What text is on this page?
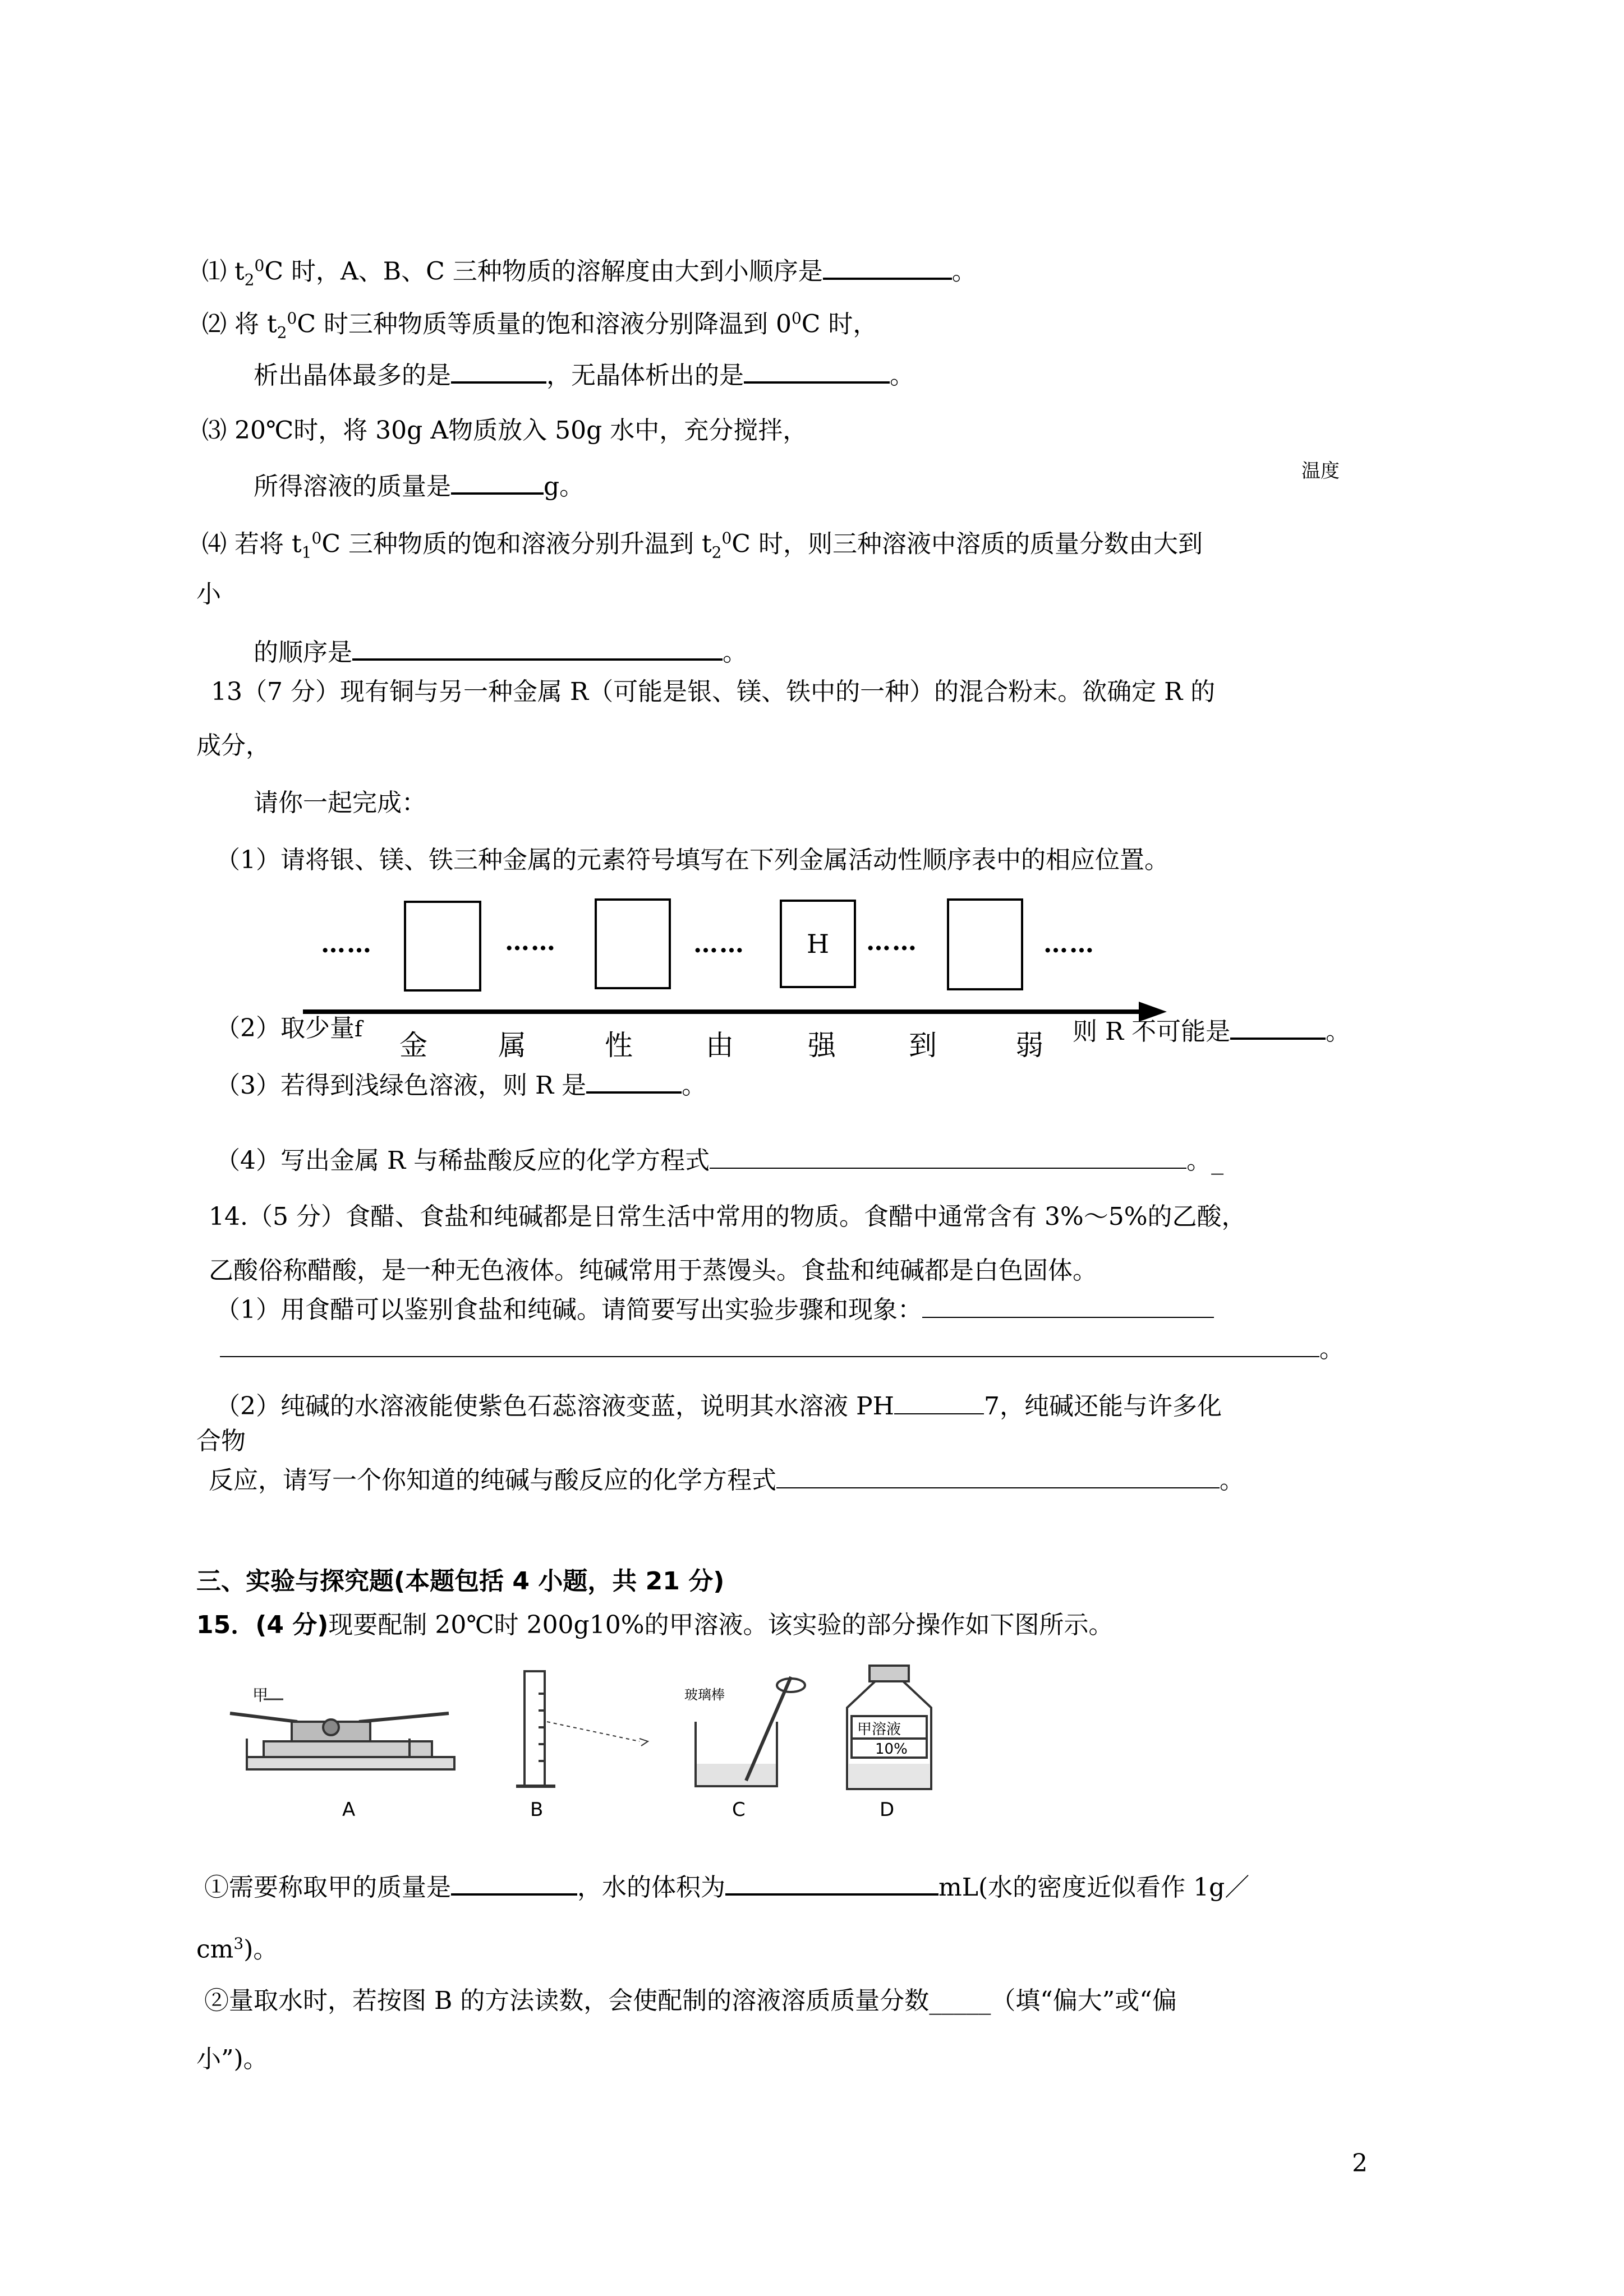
⑴ $t_2^0C$ 时，A、B、C 三种物质的溶解度由大到小顺序是	。
⑵ 将 $t_2^0C$ 时三种物质等质量的饱和溶液分别降温到 $0^0C$ 时，
析出晶体最多的是	，无晶体析出的是	。
⑶ 20℃时，将 30g A物质放入 50g 水中，充分搅拌，
所得溶液的质量是	g。
温度
⑷ 若将 $t_1^0C$ 三种物质的饱和溶液分别升温到 $t_2^0C$ 时，则三种溶液中溶质的质量分数由大到
小
的顺序是	。
13（7 分）现有铜与另一种金属 R（可能是银、镁、铁中的一种）的混合粉末。欲确定 R 的
成分，
请你一起完成：
（1）请将银、镁、铁三种金属的元素符号填写在下列金属活动性顺序表中的相应位置。
……	……	……	H	……	……
（2）取少量f	则 R 不可能是	。
金	属	性	由	强	到	弱
（3）若得到浅绿色溶液，则 R 是	。
（4）写出金属 R 与稀盐酸反应的化学方程式	。_
14.（5 分）食醋、食盐和纯碱都是日常生活中常用的物质。食醋中通常含有 3%～5%的乙酸，
乙酸俗称醋酸，是一种无色液体。纯碱常用于蒸馒头。食盐和纯碱都是白色固体。
（1）用食醋可以鉴别食盐和纯碱。请简要写出实验步骤和现象：
。
（2）纯碱的水溶液能使紫色石蕊溶液变蓝，说明其水溶液 PH	7，纯碱还能与许多化
合物
反应，请写一个你知道的纯碱与酸反应的化学方程式	。
三、实验与探究题(本题包括 4 小题，共 21 分)
15．(4 分)现要配制 20℃时 200g10%的甲溶液。该实验的部分操作如下图所示。
甲
A	B
玻璃棒
C
甲溶液
10%
D
①需要称取甲的质量是	，水的体积为	mL(水的密度近似看作 1g／
$cm^3$)。
②量取水时，若按图 B 的方法读数，会使配制的溶液溶质质量分数_____（填“偏大”或“偏
小”)。
2
